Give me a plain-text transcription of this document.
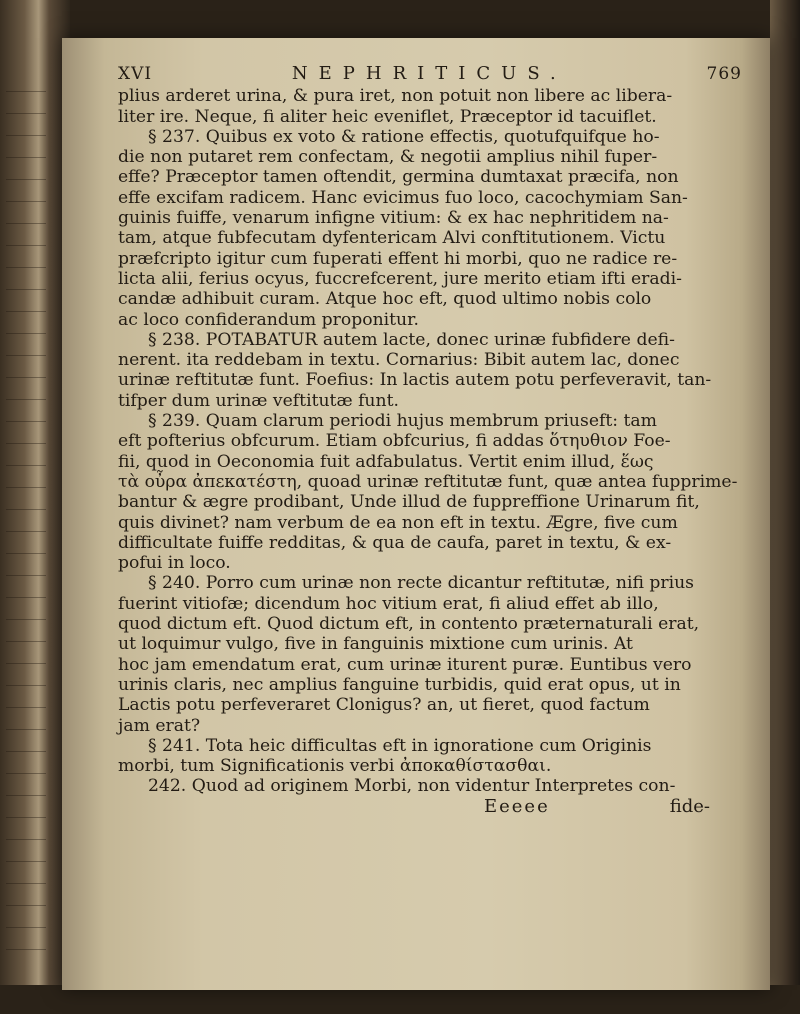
XVI	NEPHRITICUS.	769

plius arderet urina, & pura iret, non potuit non libere ac libera-

liter ire. Neque, fi aliter heic eveniflet, Præceptor id tacuiflet.

§ 237. Quibus ex voto & ratione effectis, quotufquifque ho-

die non putaret rem confectam, & negotii amplius nihil fuper-

effe? Præceptor tamen oftendit, germina dumtaxat præcifa, non

effe excifam radicem. Hanc evicimus fuo loco, cacochymiam San-

guinis fuiffe, venarum infigne vitium: & ex hac nephritidem na-

tam, atque fubfecutam dyfentericam Alvi conftitutionem. Victu

præfcripto igitur cum fuperati effent hi morbi, quo ne radice re-

licta alii, ferius ocyus, fuccrefcerent, jure merito etiam ifti eradi-

candæ adhibuit curam. Atque hoc eft, quod ultimo nobis colo

ac loco confiderandum proponitur.

§ 238. POTABATUR autem lacte, donec urinæ fubfidere defi-

nerent. ita reddebam in textu. Cornarius: Bibit autem lac, donec

urinæ reftitutæ funt. Foefius: In lactis autem potu perfeveravit, tan-

tifper dum urinæ veftitutæ funt.

§ 239. Quam clarum periodi hujus membrum priuseft: tam

eft pofterius obfcurum. Etiam obfcurius, fi addas ὅτηυθιον Foe-

fii, quod in Oeconomia fuit adfabulatus. Vertit enim illud, ἕως

τὰ οὖρα ἀπεκατέστη, quoad urinæ reftitutæ funt, quæ antea fupprime-

bantur & ægre prodibant, Unde illud de fuppreffione Urinarum fit,

quis divinet? nam verbum de ea non eft in textu. Ægre, five cum

difficultate fuiffe redditas, & qua de caufa, paret in textu, & ex-

pofui in loco.

§ 240. Porro cum urinæ non recte dicantur reftitutæ, nifi prius

fuerint vitiofæ; dicendum hoc vitium erat, fi aliud effet ab illo,

quod dictum eft. Quod dictum eft, in contento præternaturali erat,

ut loquimur vulgo, five in fanguinis mixtione cum urinis. At

hoc jam emendatum erat, cum urinæ iturent puræ. Euntibus vero

urinis claris, nec amplius fanguine turbidis, quid erat opus, ut in

Lactis potu perfeveraret Clonigus? an, ut fieret, quod factum

jam erat?

§ 241. Tota heic difficultas eft in ignoratione cum Originis

morbi, tum Significationis verbi ἀποκαθίστασθαι.

242. Quod ad originem Morbi, non videntur Interpretes con-

Eeeee	fide-
